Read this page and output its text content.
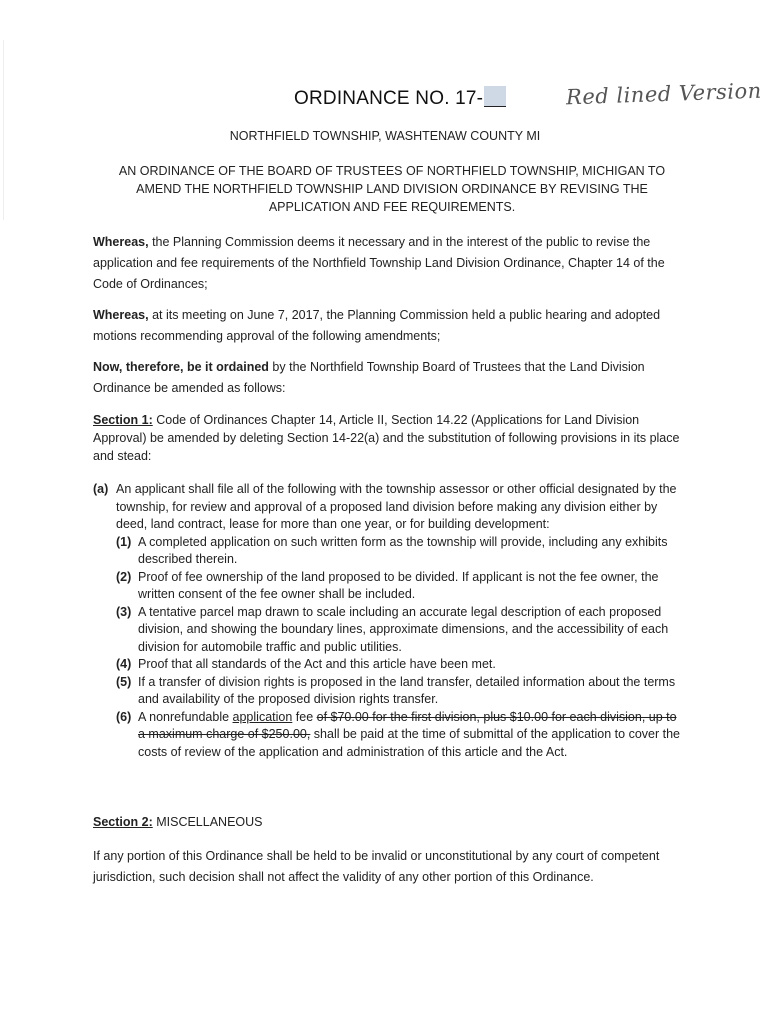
ORDINANCE NO. 17-	Red lined Version
NORTHFIELD TOWNSHIP, WASHTENAW COUNTY MI
AN ORDINANCE OF THE BOARD OF TRUSTEES OF NORTHFIELD TOWNSHIP, MICHIGAN TO AMEND THE NORTHFIELD TOWNSHIP LAND DIVISION ORDINANCE BY REVISING THE APPLICATION AND FEE REQUIREMENTS.
Whereas, the Planning Commission deems it necessary and in the interest of the public to revise the application and fee requirements of the Northfield Township Land Division Ordinance, Chapter 14 of the Code of Ordinances;
Whereas, at its meeting on June 7, 2017, the Planning Commission held a public hearing and adopted motions recommending approval of the following amendments;
Now, therefore, be it ordained by the Northfield Township Board of Trustees that the Land Division Ordinance be amended as follows:
Section 1: Code of Ordinances Chapter 14, Article II, Section 14.22 (Applications for Land Division Approval) be amended by deleting Section 14-22(a) and the substitution of following provisions in its place and stead:
(a) An applicant shall file all of the following with the township assessor or other official designated by the township, for review and approval of a proposed land division before making any division either by deed, land contract, lease for more than one year, or for building development:
(1) A completed application on such written form as the township will provide, including any exhibits described therein.
(2) Proof of fee ownership of the land proposed to be divided. If applicant is not the fee owner, the written consent of the fee owner shall be included.
(3) A tentative parcel map drawn to scale including an accurate legal description of each proposed division, and showing the boundary lines, approximate dimensions, and the accessibility of each division for automobile traffic and public utilities.
(4) Proof that all standards of the Act and this article have been met.
(5) If a transfer of division rights is proposed in the land transfer, detailed information about the terms and availability of the proposed division rights transfer.
(6) A nonrefundable application fee of $70.00 for the first division, plus $10.00 for each division, up to a maximum charge of $250.00, shall be paid at the time of submittal of the application to cover the costs of review of the application and administration of this article and the Act.
Section 2: MISCELLANEOUS
If any portion of this Ordinance shall be held to be invalid or unconstitutional by any court of competent jurisdiction, such decision shall not affect the validity of any other portion of this Ordinance.
